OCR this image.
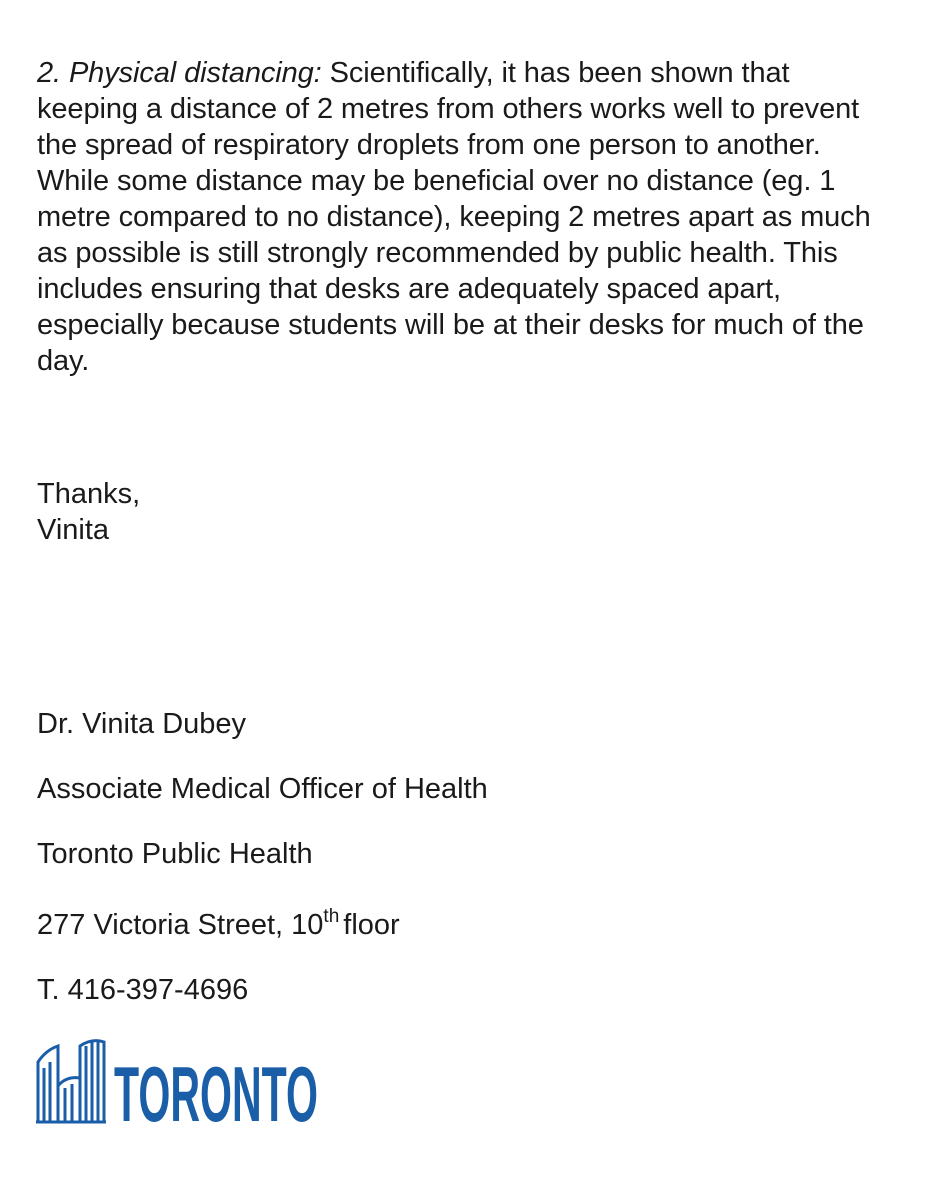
2. Physical distancing: Scientifically, it has been shown that keeping a distance of 2 metres from others works well to prevent the spread of respiratory droplets from one person to another. While some distance may be beneficial over no distance (eg. 1 metre compared to no distance), keeping 2 metres apart as much as possible is still strongly recommended by public health. This includes ensuring that desks are adequately spaced apart, especially because students will be at their desks for much of the day.

Thanks,
Vinita
Dr. Vinita Dubey
Associate Medical Officer of Health
Toronto Public Health
277 Victoria Street, 10th floor
T. 416-397-4696
TORONTO
